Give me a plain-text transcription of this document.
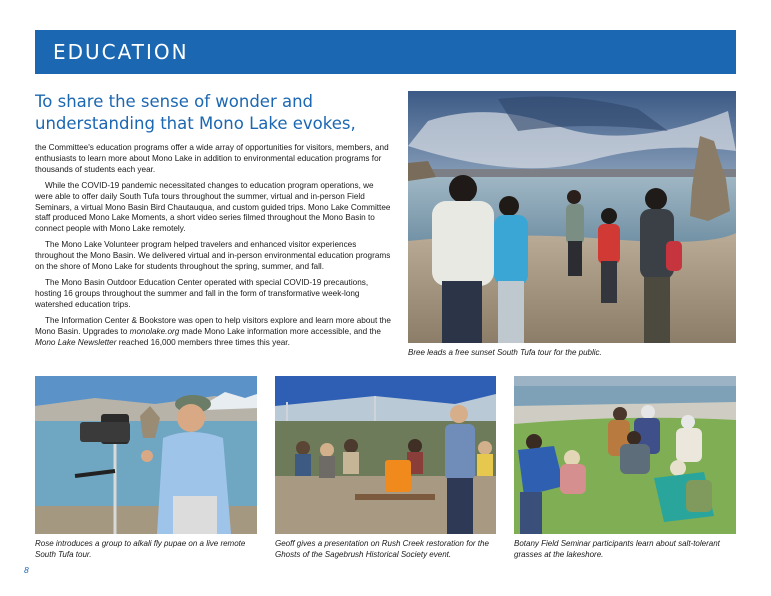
EDUCATION
To share the sense of wonder and
understanding that Mono Lake evokes,

the Committee's education programs offer a wide array of opportunities for visitors, members, and enthusiasts to learn more about Mono Lake in addition to environmental education programs for thousands of students each year.

While the COVID-19 pandemic necessitated changes to education program operations, we were able to offer daily South Tufa tours throughout the summer, virtual and in-person Field Seminars, a virtual Mono Basin Bird Chautauqua, and custom guided trips. Mono Lake Committee staff produced Mono Lake Moments, a short video series filmed throughout the Mono Basin to connect people with Mono Lake remotely.

The Mono Lake Volunteer program helped travelers and enhanced visitor experiences throughout the Mono Basin. We delivered virtual and in-person environmental education programs on the shore of Mono Lake for students throughout the spring, summer, and fall.

The Mono Basin Outdoor Education Center operated with special COVID-19 precautions, hosting 16 groups throughout the summer and fall in the form of transformative week-long watershed education trips.

The Information Center & Bookstore was open to help visitors explore and learn more about the Mono Basin. Upgrades to monolake.org made Mono Lake information more accessible, and the Mono Lake Newsletter reached 16,000 members three times this year.

Bree leads a free sunset South Tufa tour for the public.
Rose introduces a group to alkali fly pupae on a live remote South Tufa tour.
Geoff gives a presentation on Rush Creek restoration for the Ghosts of the Sagebrush Historical Society event.
Botany Field Seminar participants learn about salt-tolerant grasses at the lakeshore.
8
